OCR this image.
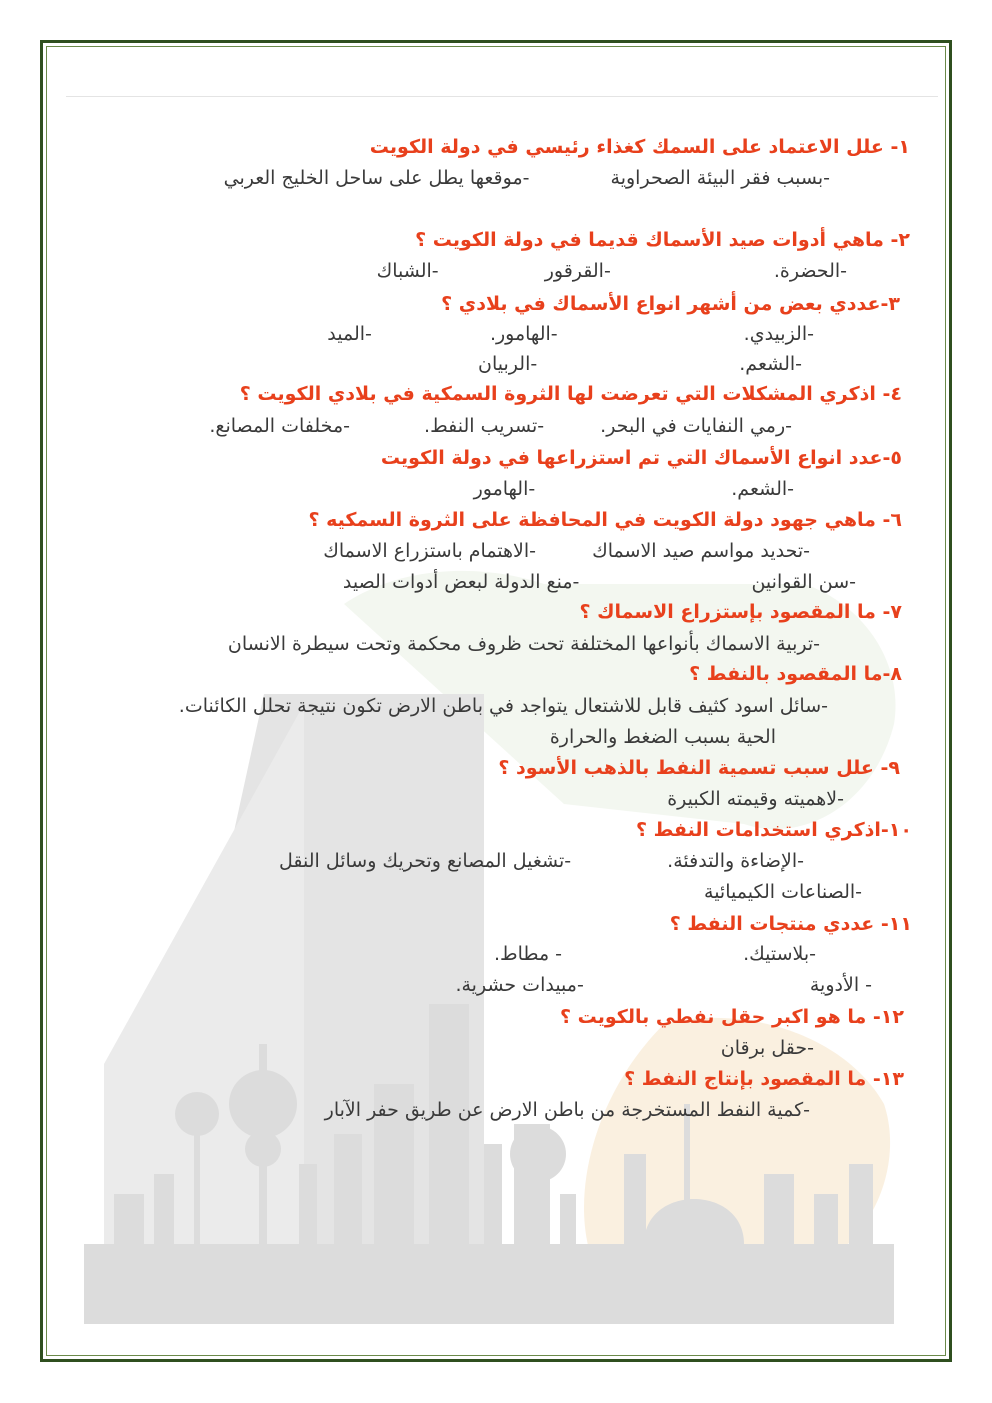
١- علل الاعتماد على السمك كغذاء رئيسي في دولة الكويت
-بسبب فقر البيئة الصحراوية -موقعها يطل على ساحل الخليج العربي
٢- ماهي أدوات صيد الأسماك قديما في دولة الكويت ؟
-الحضرة. -القرقور -الشباك
٣-عددي بعض من أشهر انواع الأسماك في بلادي ؟
-الزبيدي. -الهامور. -الميد
-الشعم. -الربيان
٤- اذكري المشكلات التي تعرضت لها الثروة السمكية في بلادي الكويت ؟
-رمي النفايات في البحر. -تسريب النفط. -مخلفات المصانع.
٥-عدد انواع الأسماك التي تم استزراعها في دولة الكويت
-الشعم. -الهامور
٦- ماهي جهود دولة الكويت في المحافظة على الثروة السمكيه ؟
-تحديد مواسم صيد الاسماك -الاهتمام باستزراع الاسماك
-سن القوانين -منع الدولة لبعض أدوات الصيد
٧- ما المقصود بإستزراع الاسماك ؟
-تربية الاسماك بأنواعها المختلفة تحت ظروف محكمة وتحت سيطرة الانسان
٨-ما المقصود بالنفط ؟
-سائل اسود كثيف قابل للاشتعال يتواجد في باطن الارض تكون نتيجة تحلل الكائنات.
الحية بسبب الضغط والحرارة
٩- علل سبب تسمية النفط بالذهب الأسود ؟
-لاهميته وقيمته الكبيرة
١٠-اذكري استخدامات النفط ؟
-الإضاءة والتدفئة. -تشغيل المصانع وتحريك وسائل النقل
-الصناعات الكيميائية
١١- عددي منتجات النفط ؟
-بلاستيك. - مطاط.
- الأدوية -مبيدات حشرية.
١٢- ما هو اكبر حقل نفطي بالكويت ؟
-حقل برقان
١٣- ما المقصود بإنتاج النفط ؟
-كمية النفط المستخرجة من باطن الارض عن طريق حفر الآبار
